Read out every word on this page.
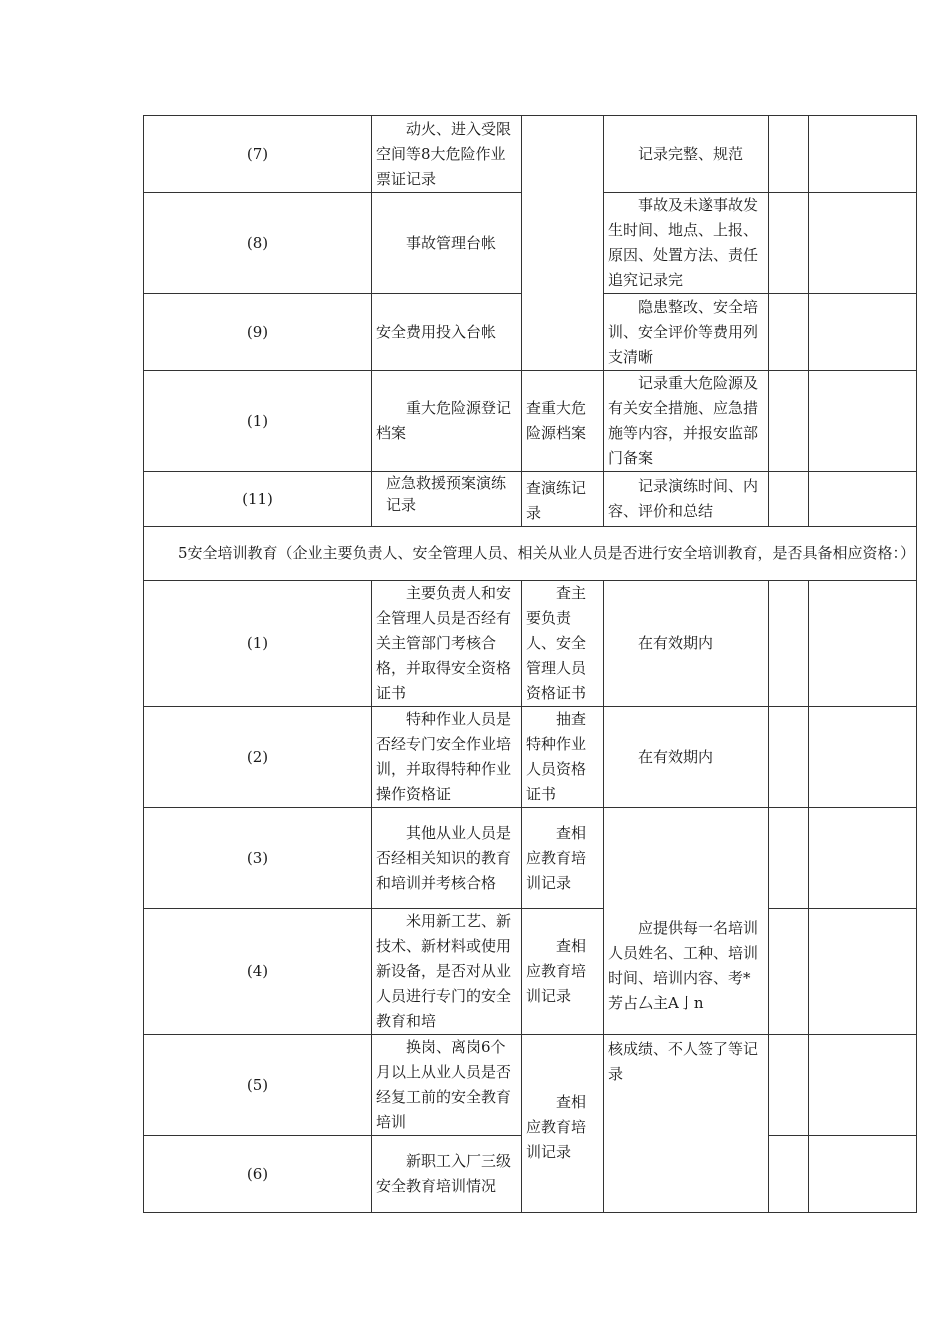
(7)	动火、进入受限空间等8大危险作业票证记录		记录完整、规范		
(8)	事故管理台帐		事故及未遂事故发生时间、地点、上报、原因、处置方法、责任追究记录完		
(9)	安全费用投入台帐		隐患整改、安全培训、安全评价等费用列支清晰		
(1)	重大危险源登记档案	查重大危险源档案	记录重大危险源及有关安全措施、应急措施等内容，并报安监部门备案		
(11)	应急救援预案演练记录	查演练记录	记录演练时间、内容、评价和总结		

5安全培训教育（企业主要负责人、安全管理人员、相关从业人员是否进行安全培训教育，是否具备相应资格：）					
(1)	主要负责人和安全管理人员是否经有关主管部门考核合格，并取得安全资格证书	査主要负责人、安全管理人员资格证书	在有效期内		
(2)	特种作业人员是否经专门安全作业培训，并取得特种作业操作资格证	抽查特种作业人员资格证书	在有效期内		
(3)	其他从业人员是否经相关知识的教育和培训并考核合格	查相应教育培训记录	应提供每一名培训人员姓名、工种、培训时间、培训内容、考*芳占厶主A亅n		
(4)	米用新工艺、新技术、新材料或使用新设备，是否对从业人员进行专门的安全教育和培	查相应教育培训记录			
(5)	换岗、离岗6个月以上从业人员是否经复工前的安全教育培训	查相应教育培训记录	核成绩、不人签了等记录		
(6)	新职工入厂三级安全教育培训情况				
